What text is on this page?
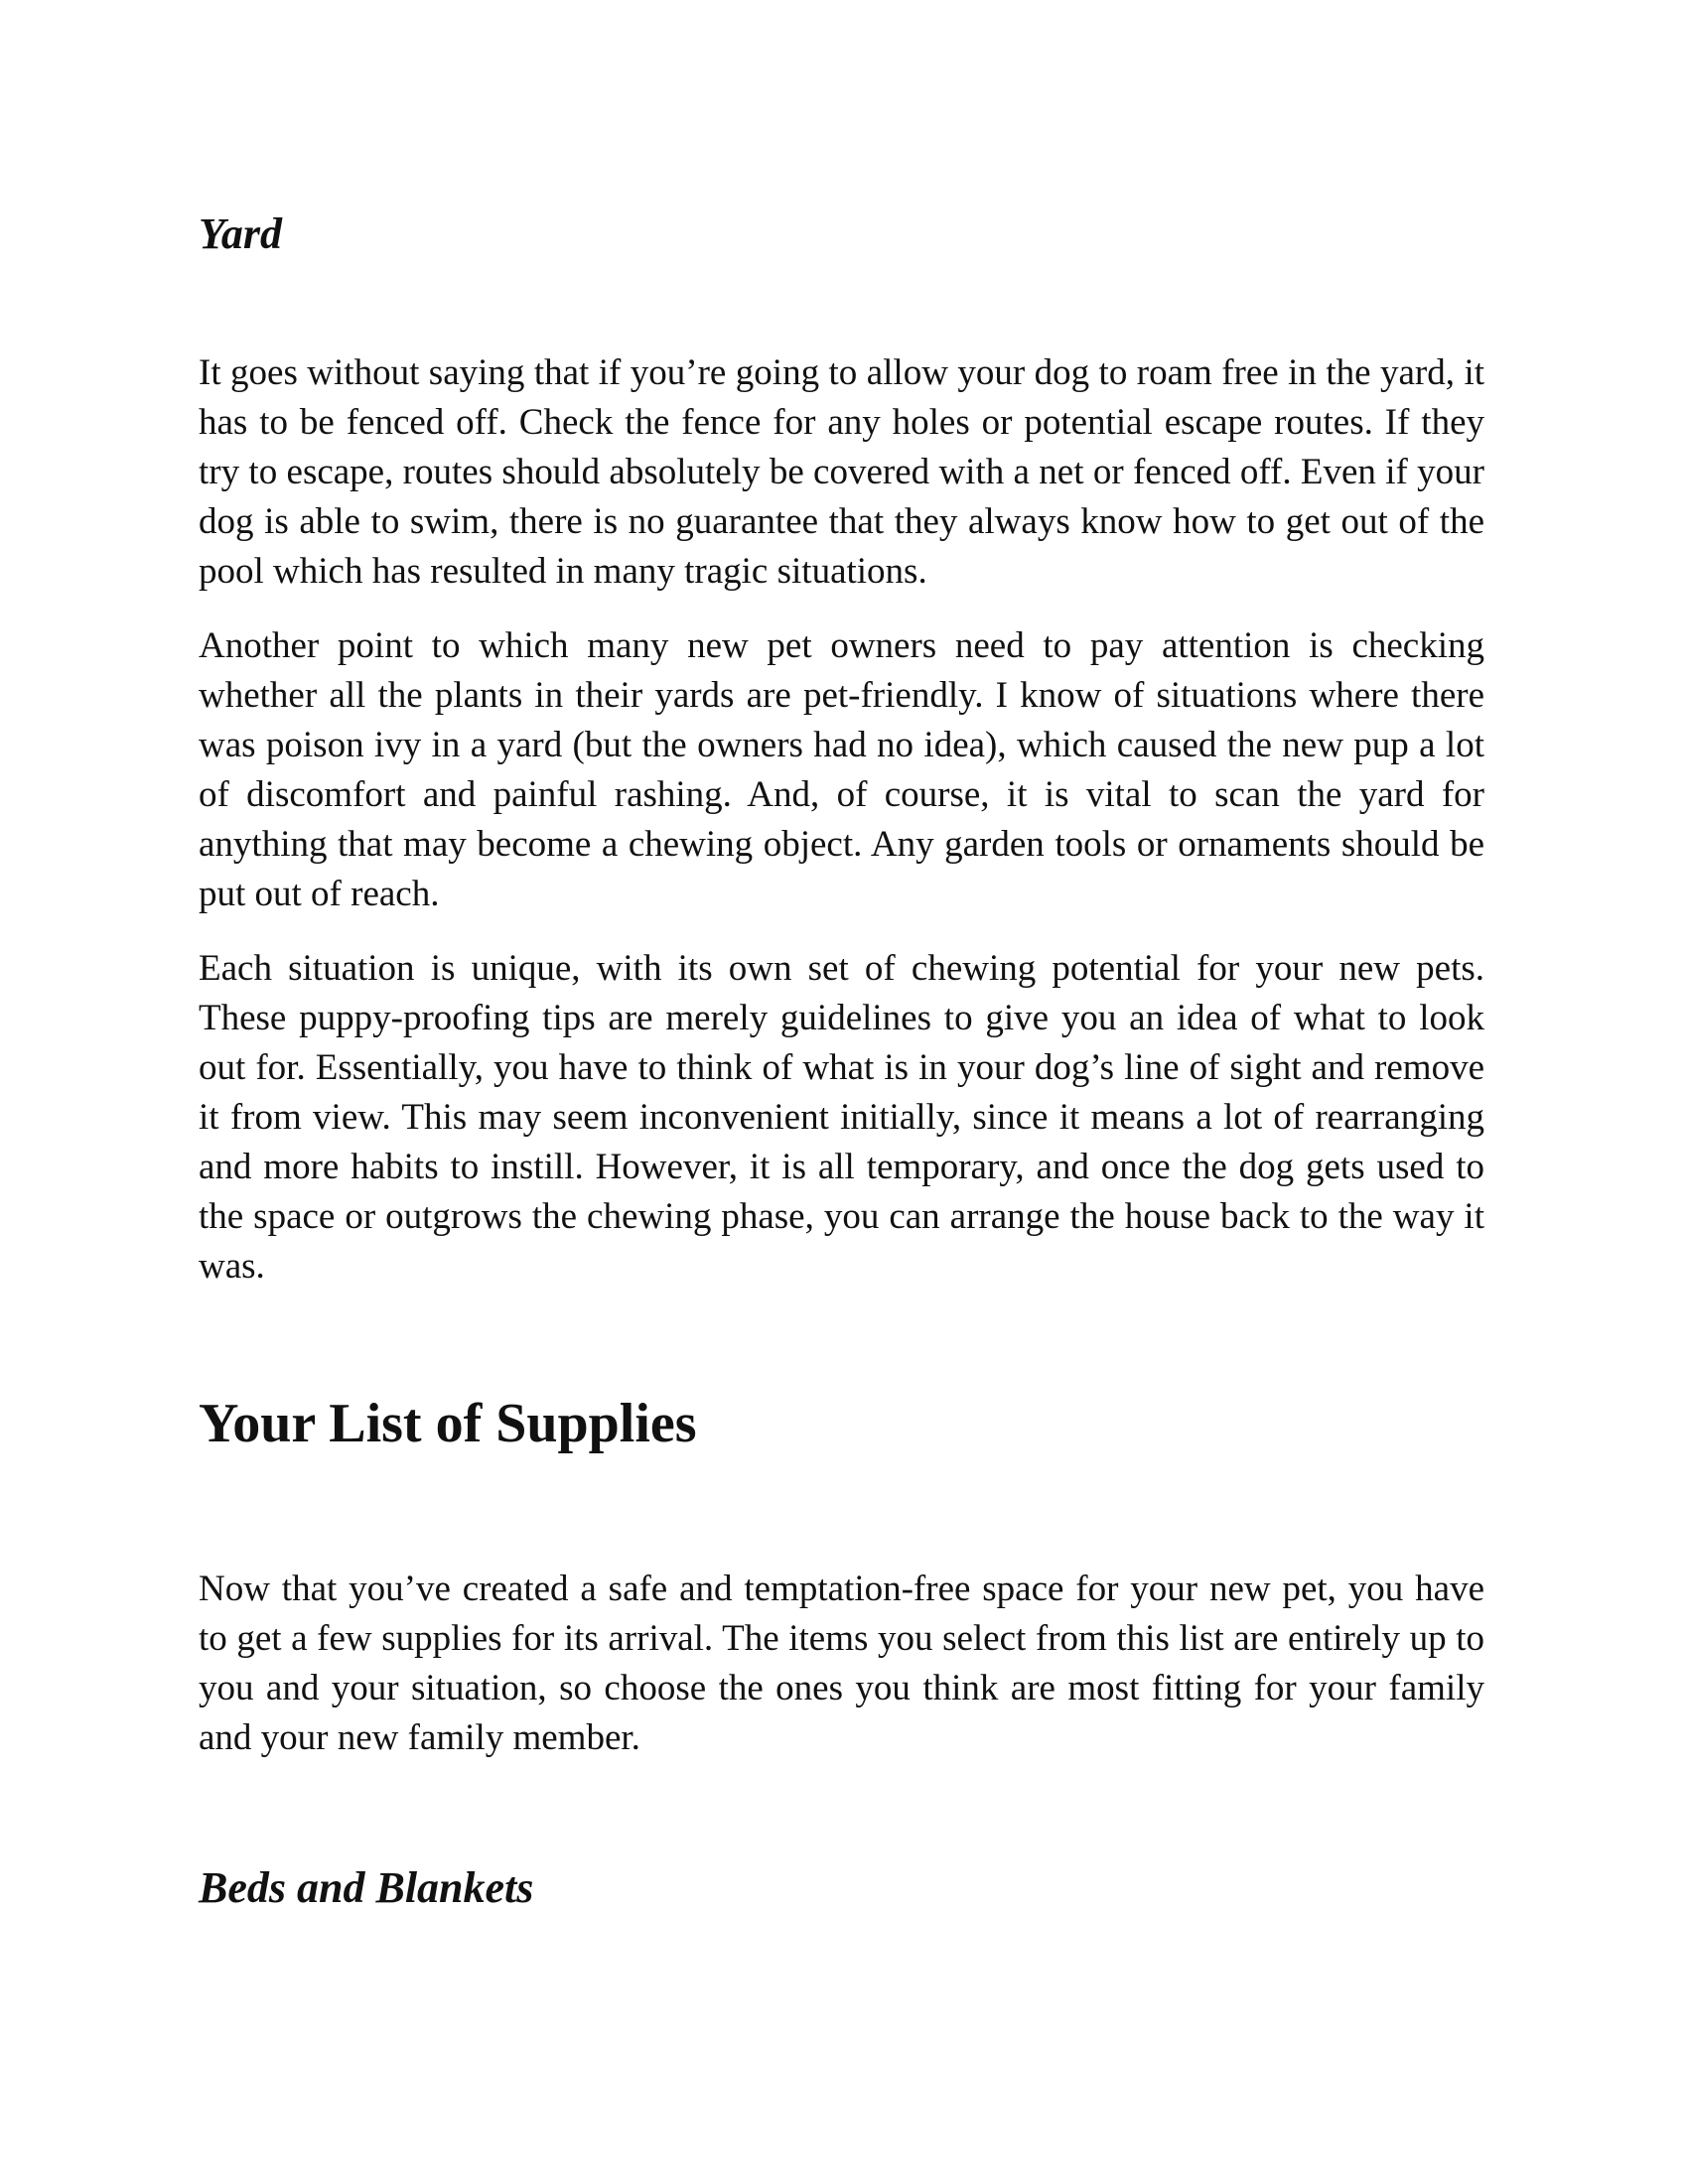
Yard

It goes without saying that if you’re going to allow your dog to roam free in the yard, it has to be fenced off. Check the fence for any holes or potential escape routes. If they try to escape, routes should absolutely be covered with a net or fenced off. Even if your dog is able to swim, there is no guarantee that they always know how to get out of the pool which has resulted in many tragic situations.

Another point to which many new pet owners need to pay attention is checking whether all the plants in their yards are pet-friendly. I know of situations where there was poison ivy in a yard (but the owners had no idea), which caused the new pup a lot of discomfort and painful rashing. And, of course, it is vital to scan the yard for anything that may become a chewing object. Any garden tools or ornaments should be put out of reach.

Each situation is unique, with its own set of chewing potential for your new pets. These puppy-proofing tips are merely guidelines to give you an idea of what to look out for. Essentially, you have to think of what is in your dog’s line of sight and remove it from view. This may seem inconvenient initially, since it means a lot of rearranging and more habits to instill. However, it is all temporary, and once the dog gets used to the space or outgrows the chewing phase, you can arrange the house back to the way it was.

Your List of Supplies

Now that you’ve created a safe and temptation-free space for your new pet, you have to get a few supplies for its arrival. The items you select from this list are entirely up to you and your situation, so choose the ones you think are most fitting for your family and your new family member.

Beds and Blankets
